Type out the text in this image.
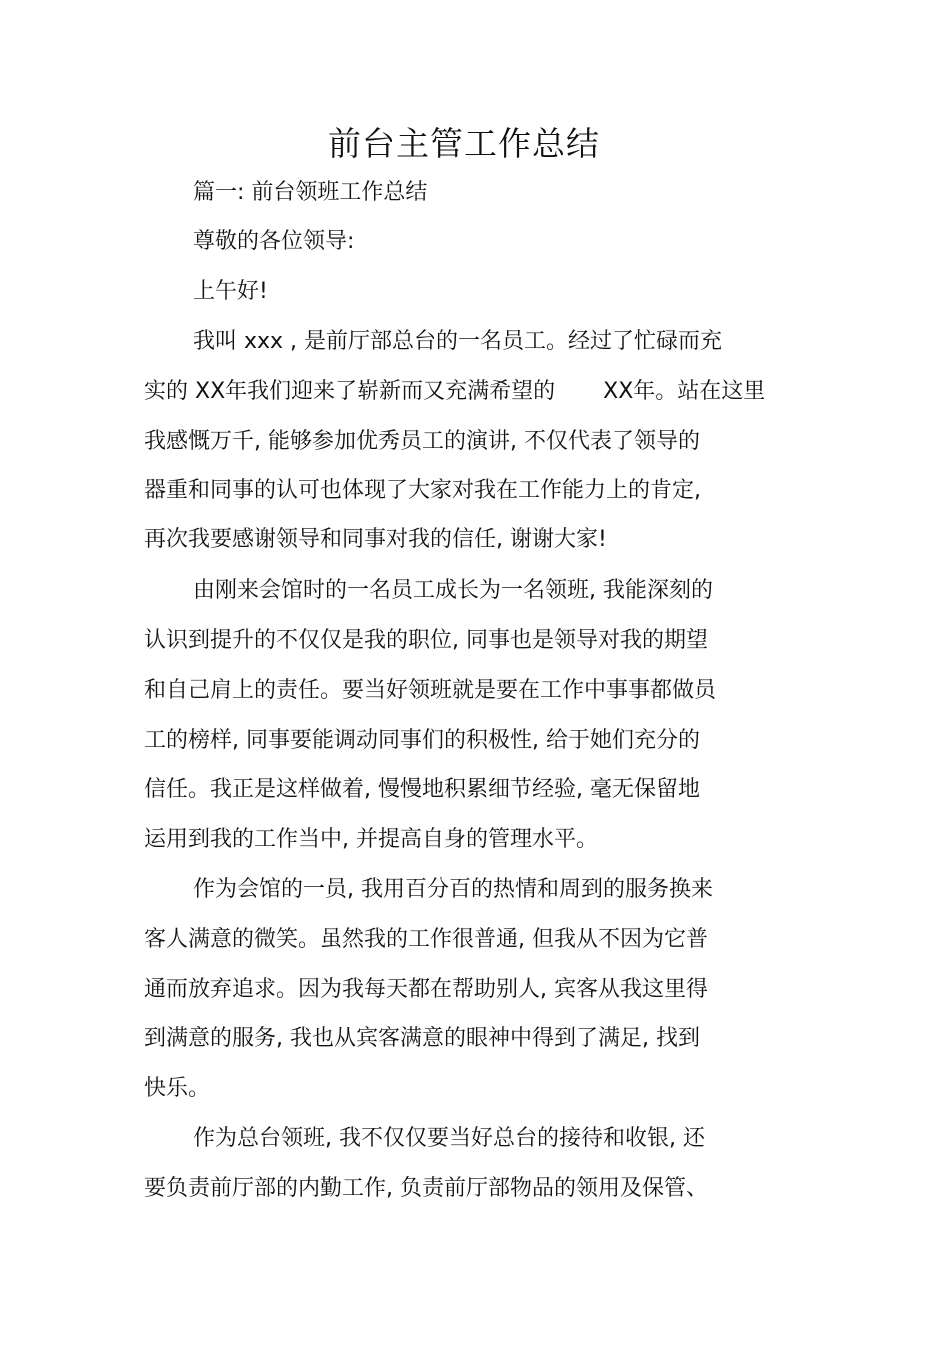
前台主管工作总结
篇一: 前台领班工作总结
尊敬的各位领导:
上午好!
我叫 xxx , 是前厅部总台的一名员工。经过了忙碌而充
实的 XX年我们迎来了崭新而又充满希望的 XX年。站在这里
我感慨万千, 能够参加优秀员工的演讲, 不仅代表了领导的
器重和同事的认可也体现了大家对我在工作能力上的肯定,
再次我要感谢领导和同事对我的信任, 谢谢大家!
由刚来会馆时的一名员工成长为一名领班, 我能深刻的
认识到提升的不仅仅是我的职位, 同事也是领导对我的期望
和自己肩上的责任。要当好领班就是要在工作中事事都做员
工的榜样, 同事要能调动同事们的积极性, 给于她们充分的
信任。我正是这样做着, 慢慢地积累细节经验, 毫无保留地
运用到我的工作当中, 并提高自身的管理水平。
作为会馆的一员, 我用百分百的热情和周到的服务换来
客人满意的微笑。虽然我的工作很普通, 但我从不因为它普
通而放弃追求。因为我每天都在帮助别人, 宾客从我这里得
到满意的服务, 我也从宾客满意的眼神中得到了满足, 找到
快乐。
作为总台领班, 我不仅仅要当好总台的接待和收银, 还
要负责前厅部的内勤工作, 负责前厅部物品的领用及保管、
